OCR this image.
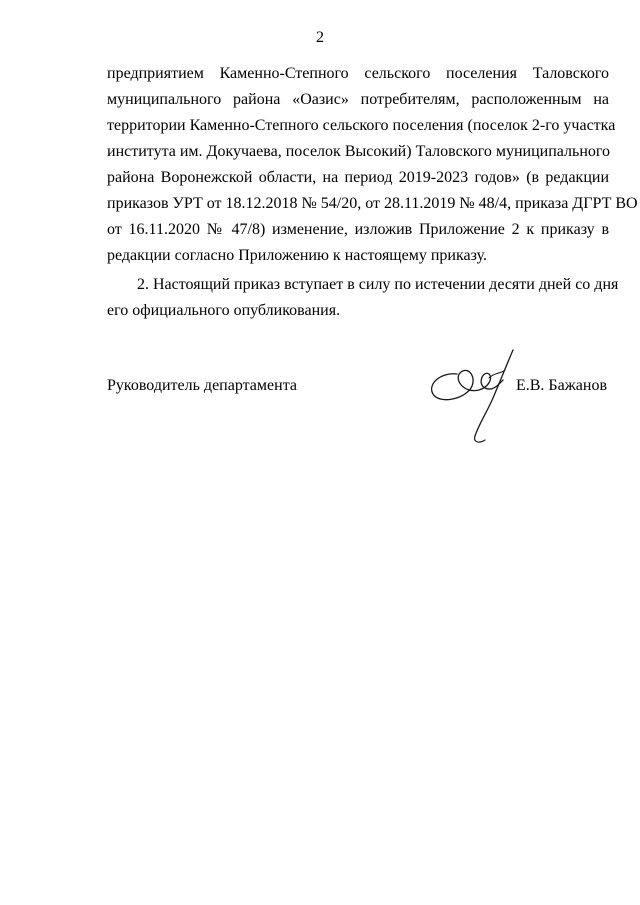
2
предприятием Каменно-Степного сельского поселения Таловского
муниципального района «Оазис» потребителям, расположенным на
территории Каменно-Степного сельского поселения (поселок 2-го участка
института им. Докучаева, поселок Высокий) Таловского муниципального
района Воронежской области, на период 2019-2023 годов» (в редакции
приказов УРТ от 18.12.2018 № 54/20, от 28.11.2019 № 48/4, приказа ДГРТ ВО
от 16.11.2020 № 47/8) изменение, изложив Приложение 2 к приказу в
редакции согласно Приложению к настоящему приказу.
2. Настоящий приказ вступает в силу по истечении десяти дней со дня
его официального опубликования.
Руководитель департамента	Е.В. Бажанов
